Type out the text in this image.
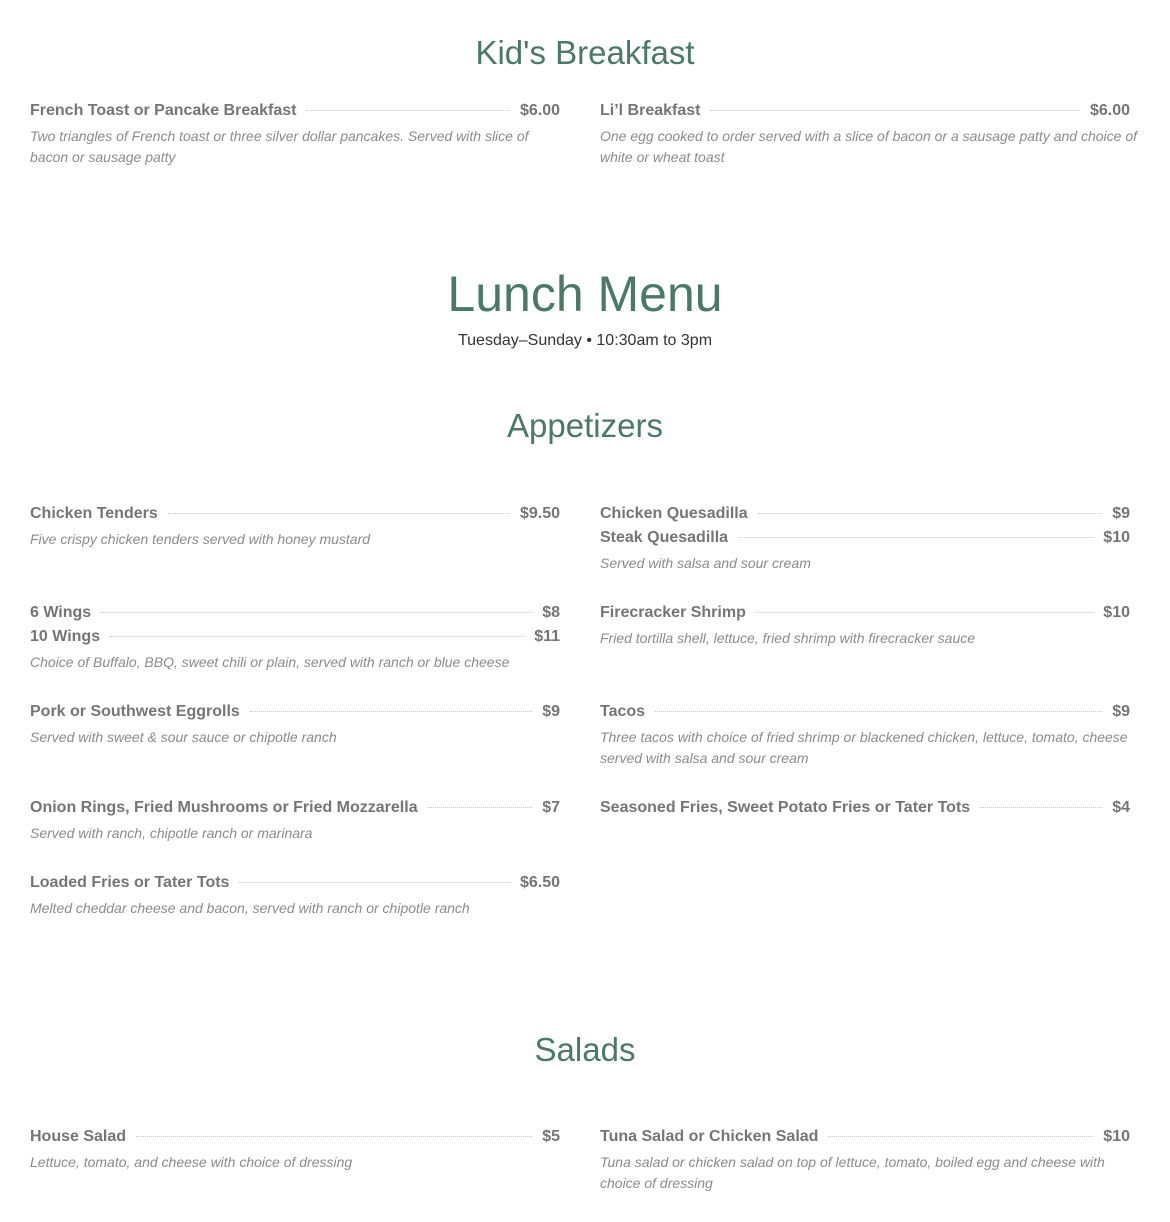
Kid's Breakfast
French Toast or Pancake Breakfast	$6.00
Two triangles of French toast or three silver dollar pancakes. Served with slice of bacon or sausage patty
Li’l Breakfast	$6.00
One egg cooked to order served with a slice of bacon or a sausage patty and choice of white or wheat toast
Lunch Menu
Tuesday–Sunday • 10:30am to 3pm
Appetizers
Chicken Tenders	$9.50
Five crispy chicken tenders served with honey mustard
Chicken Quesadilla	$9
Steak Quesadilla	$10
Served with salsa and sour cream
6 Wings	$8
10 Wings	$11
Choice of Buffalo, BBQ, sweet chili or plain, served with ranch or blue cheese
Firecracker Shrimp	$10
Fried tortilla shell, lettuce, fried shrimp with firecracker sauce
Pork or Southwest Eggrolls	$9
Served with sweet & sour sauce or chipotle ranch
Tacos	$9
Three tacos with choice of fried shrimp or blackened chicken, lettuce, tomato, cheese served with salsa and sour cream
Onion Rings, Fried Mushrooms or Fried Mozzarella	$7
Served with ranch, chipotle ranch or marinara
Seasoned Fries, Sweet Potato Fries or Tater Tots	$4
Loaded Fries or Tater Tots	$6.50
Melted cheddar cheese and bacon, served with ranch or chipotle ranch
Salads
House Salad	$5
Lettuce, tomato, and cheese with choice of dressing
Tuna Salad or Chicken Salad	$10
Tuna salad or chicken salad on top of lettuce, tomato, boiled egg and cheese with choice of dressing
